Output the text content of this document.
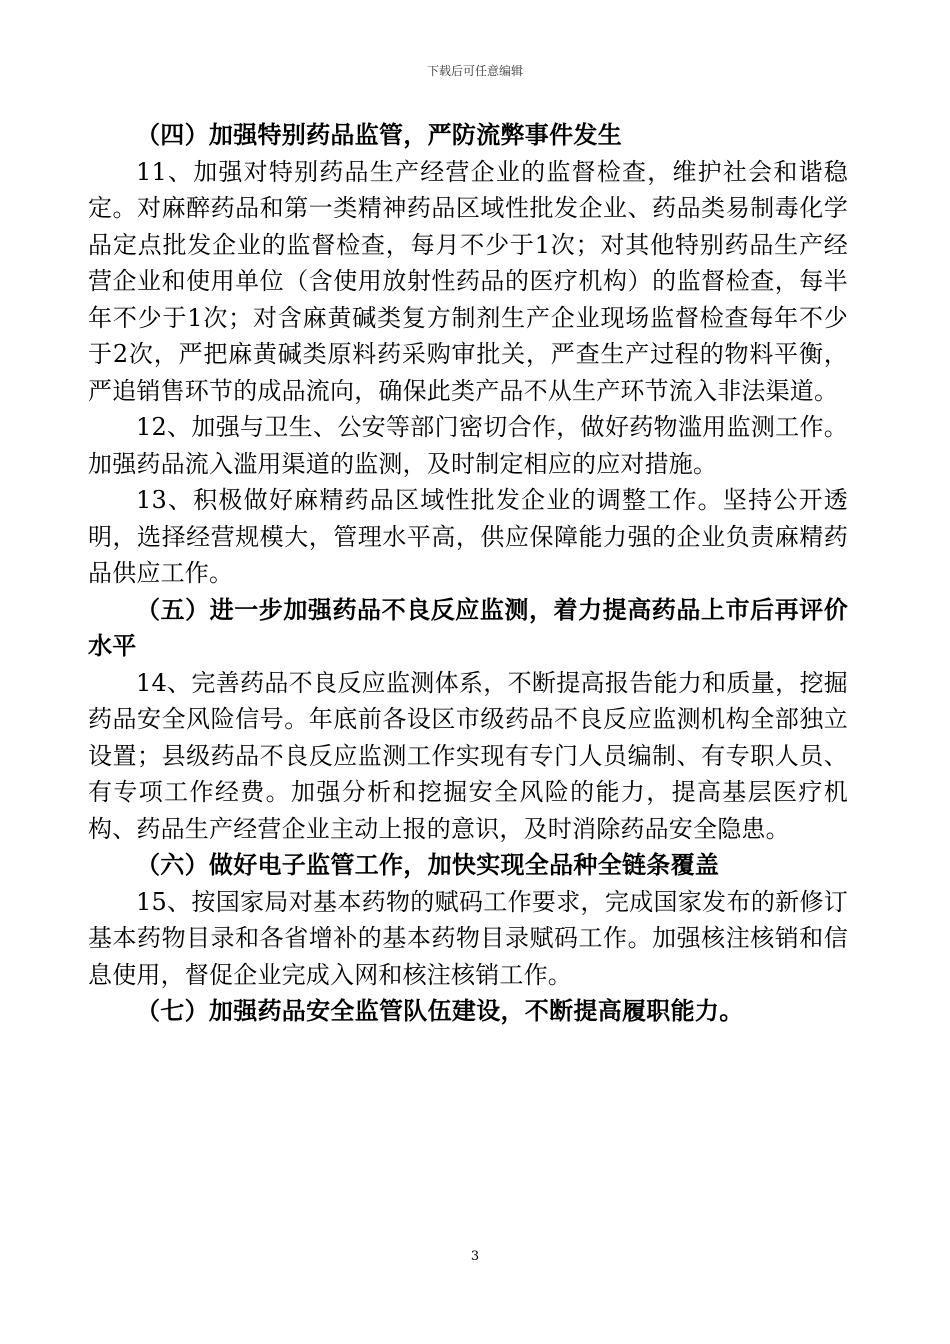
下载后可任意编辑

（四）加强特别药品监管，严防流弊事件发生

11、加强对特别药品生产经营企业的监督检查，维护社会和谐稳定。对麻醉药品和第一类精神药品区域性批发企业、药品类易制毒化学品定点批发企业的监督检查，每月不少于1次；对其他特别药品生产经营企业和使用单位（含使用放射性药品的医疗机构）的监督检查，每半年不少于1次；对含麻黄碱类复方制剂生产企业现场监督检查每年不少于2次，严把麻黄碱类原料药采购审批关，严查生产过程的物料平衡，严追销售环节的成品流向，确保此类产品不从生产环节流入非法渠道。

12、加强与卫生、公安等部门密切合作，做好药物滥用监测工作。加强药品流入滥用渠道的监测，及时制定相应的应对措施。

13、积极做好麻精药品区域性批发企业的调整工作。坚持公开透明，选择经营规模大，管理水平高，供应保障能力强的企业负责麻精药品供应工作。

（五）进一步加强药品不良反应监测，着力提高药品上市后再评价水平

14、完善药品不良反应监测体系，不断提高报告能力和质量，挖掘药品安全风险信号。年底前各设区市级药品不良反应监测机构全部独立设置；县级药品不良反应监测工作实现有专门人员编制、有专职人员、有专项工作经费。加强分析和挖掘安全风险的能力，提高基层医疗机构、药品生产经营企业主动上报的意识，及时消除药品安全隐患。

（六）做好电子监管工作，加快实现全品种全链条覆盖

15、按国家局对基本药物的赋码工作要求，完成国家发布的新修订基本药物目录和各省增补的基本药物目录赋码工作。加强核注核销和信息使用，督促企业完成入网和核注核销工作。

（七）加强药品安全监管队伍建设，不断提高履职能力。

3
